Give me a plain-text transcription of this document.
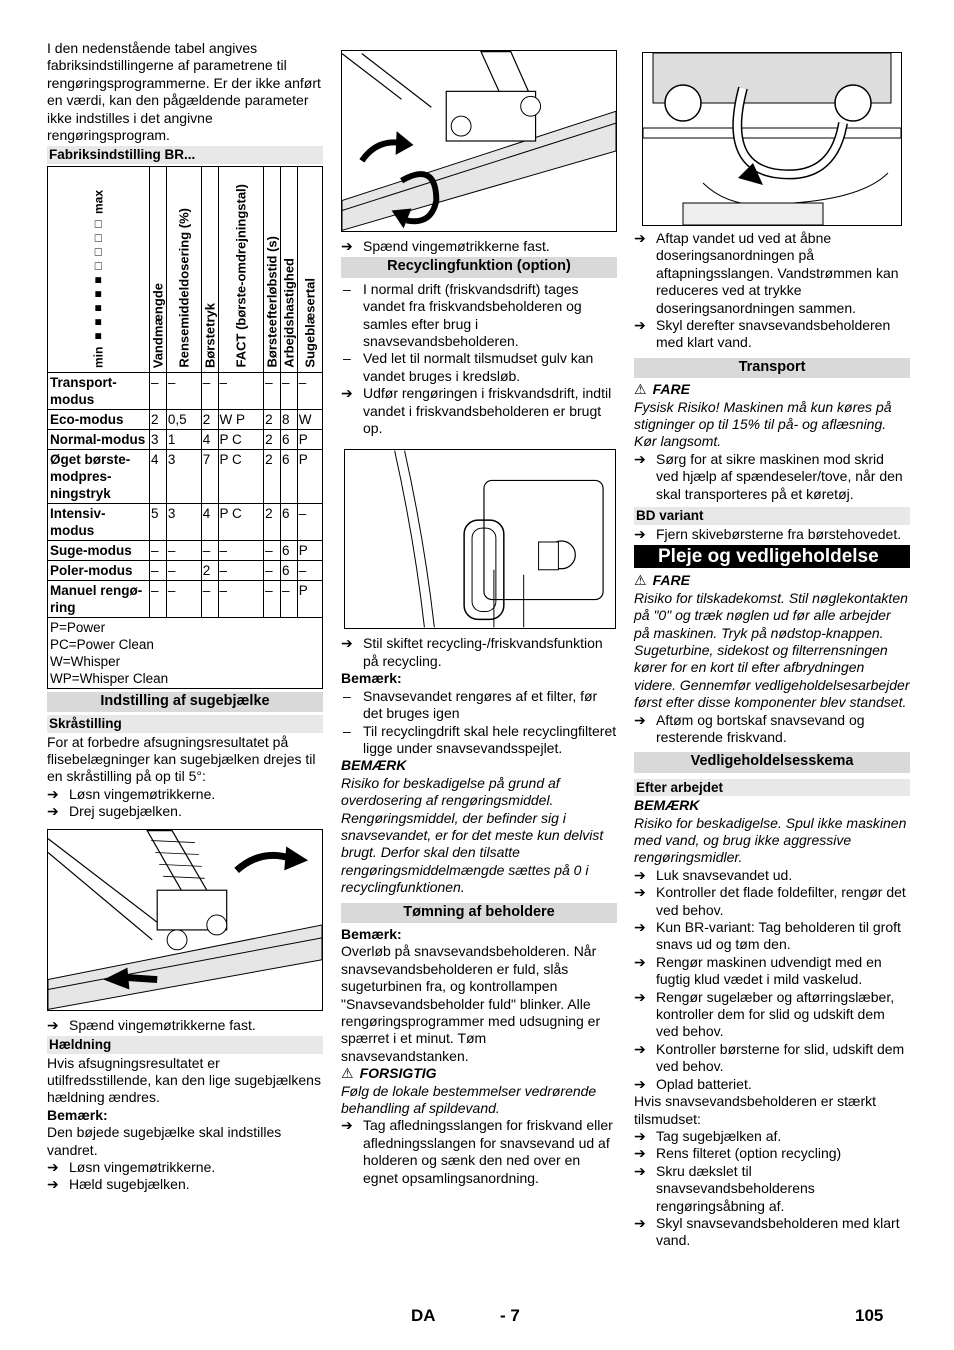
I den nedenstående tabel angives fabriksindstillingerne af parametrene til rengøringsprogrammerne. Er der ikke anført en værdi, kan den pågældende parameter ikke indstilles i det angivne rengøringsprogram.

Fabriksindstilling BR...
min ■■■■■□□□□ max	Vandmængde	Rensemiddeldosering (%)	Børstetryk	FACT (børste-omdrejningstal)	Børsteefterløbstid (s)	Arbejdshastighed	Sugeblæsertal

Transport-modus	–	–	–	–	–	–	–
Eco-modus	2	0,5	2	W P	2	8	W
Normal-modus	3	1	4	P C	2	6	P
Øget børste-modpres-ningstryk	4	3	7	P C	2	6	P
Intensiv-modus	5	3	4	P C	2	6	–
Suge-modus	–	–	–	–	–	6	P
Poler-modus	–	–	2	–	–	6	–
Manuel rengø-ring	–	–	–	–	–	–	P

P=Power
PC=Power Clean
W=Whisper
WP=Whisper Clean							
Indstilling af sugebjælke
Skråstilling

For at forbedre afsugningsresultatet på flisebelægninger kan sugebjælken drejes til en skråstilling på op til 5°:

➔ Løsn vingemøtrikkerne.
➔ Drej sugebjælken.
➔ Spænd vingemøtrikkerne fast.
Hældning

Hvis afsugningsresultatet er utilfredsstillende, kan den lige sugebjælkens hældning ændres.

Bemærk:

Den bøjede sugebjælke skal indstilles vandret.

➔ Løsn vingemøtrikkerne.
➔ Hæld sugebjælken.
➔ Spænd vingemøtrikkerne fast.
Recyclingfunktion (option)
– I normal drift (friskvandsdrift) tages vandet fra friskvandsbeholderen og samles efter brug i snavsevandsbeholderen.
– Ved let til normalt tilsmudset gulv kan vandet bruges i kredsløb.
➔ Udfør rengøringen i friskvandsdrift, indtil vandet i friskvandsbeholderen er brugt op.
➔ Stil skiftet recycling-/friskvandsfunktion på recycling.

Bemærk:

– Snavsevandet rengøres af et filter, før det bruges igen
– Til recyclingdrift skal hele recyclingfilteret ligge under snavsevandsspejlet.

BEMÆRK

Risiko for beskadigelse på grund af overdosering af rengøringsmiddel. Rengøringsmiddel, der befinder sig i snavsevandet, er for det meste kun delvist brugt. Derfor skal den tilsatte rengøringsmiddelmængde sættes på 0 i recyclingfunktionen.

Tømning af beholdere

Bemærk:

Overløb på snavsevandsbeholderen. Når snavsevandsbeholderen er fuld, slås sugeturbinen fra, og kontrollampen "Snavsevandsbeholder fuld" blinker. Alle rengøringsprogrammer med udsugning er spærret i et minut. Tøm snavsevandstanken.

⚠ FORSIGTIG

Følg de lokale bestemmelser vedrørende behandling af spildevand.

➔ Tag afledningsslangen for friskvand eller afledningsslangen for snavsevand ud af holderen og sænk den ned over en egnet opsamlingsanordning.
➔ Aftap vandet ud ved at åbne doseringsanordningen på aftapningsslangen. Vandstrømmen kan reduceres ved at trykke doseringsanordningen sammen.
➔ Skyl derefter snavsevandsbeholderen med klart vand.
Transport

⚠ FARE

Fysisk Risiko! Maskinen må kun køres på stigninger op til 15% til på- og aflæsning. Kør langsomt.

➔ Sørg for at sikre maskinen mod skrid ved hjælp af spændeseler/tove, når den skal transporteres på et køretøj.
BD variant
➔ Fjern skivebørsterne fra børstehovedet.
Pleje og vedligeholdelse

⚠ FARE

Risiko for tilskadekomst. Stil nøglekontakten på "0" og træk nøglen ud før alle arbejder på maskinen. Tryk på nødstop-knappen.

Sugeturbine, sidekost og filterrensningen kører for en kort til efter afbrydningen videre. Gennemfør vedligeholdelsesarbejder først efter disse komponenter blev standset.

➔ Aftøm og bortskaf snavsevand og resterende friskvand.
Vedligeholdelsesskema
Efter arbejdet

BEMÆRK

Risiko for beskadigelse. Spul ikke maskinen med vand, og brug ikke aggressive rengøringsmidler.

➔ Luk snavsevandet ud.
➔ Kontroller det flade foldefilter, rengør det ved behov.
➔ Kun BR-variant: Tag beholderen til groft snavs ud og tøm den.
➔ Rengør maskinen udvendigt med en fugtig klud vædet i mild vaskelud.
➔ Rengør sugelæber og aftørringslæber, kontroller dem for slid og udskift dem ved behov.
➔ Kontroller børsterne for slid, udskift dem ved behov.
➔ Oplad batteriet.

Hvis snavsevandsbeholderen er stærkt tilsmudset:

➔ Tag sugebjælken af.
➔ Rens filteret (option recycling)
➔ Skru dækslet til snavsevandsbeholderens rengøringsåbning af.
➔ Skyl snavsevandsbeholderen med klart vand.
DA	- 7	105
